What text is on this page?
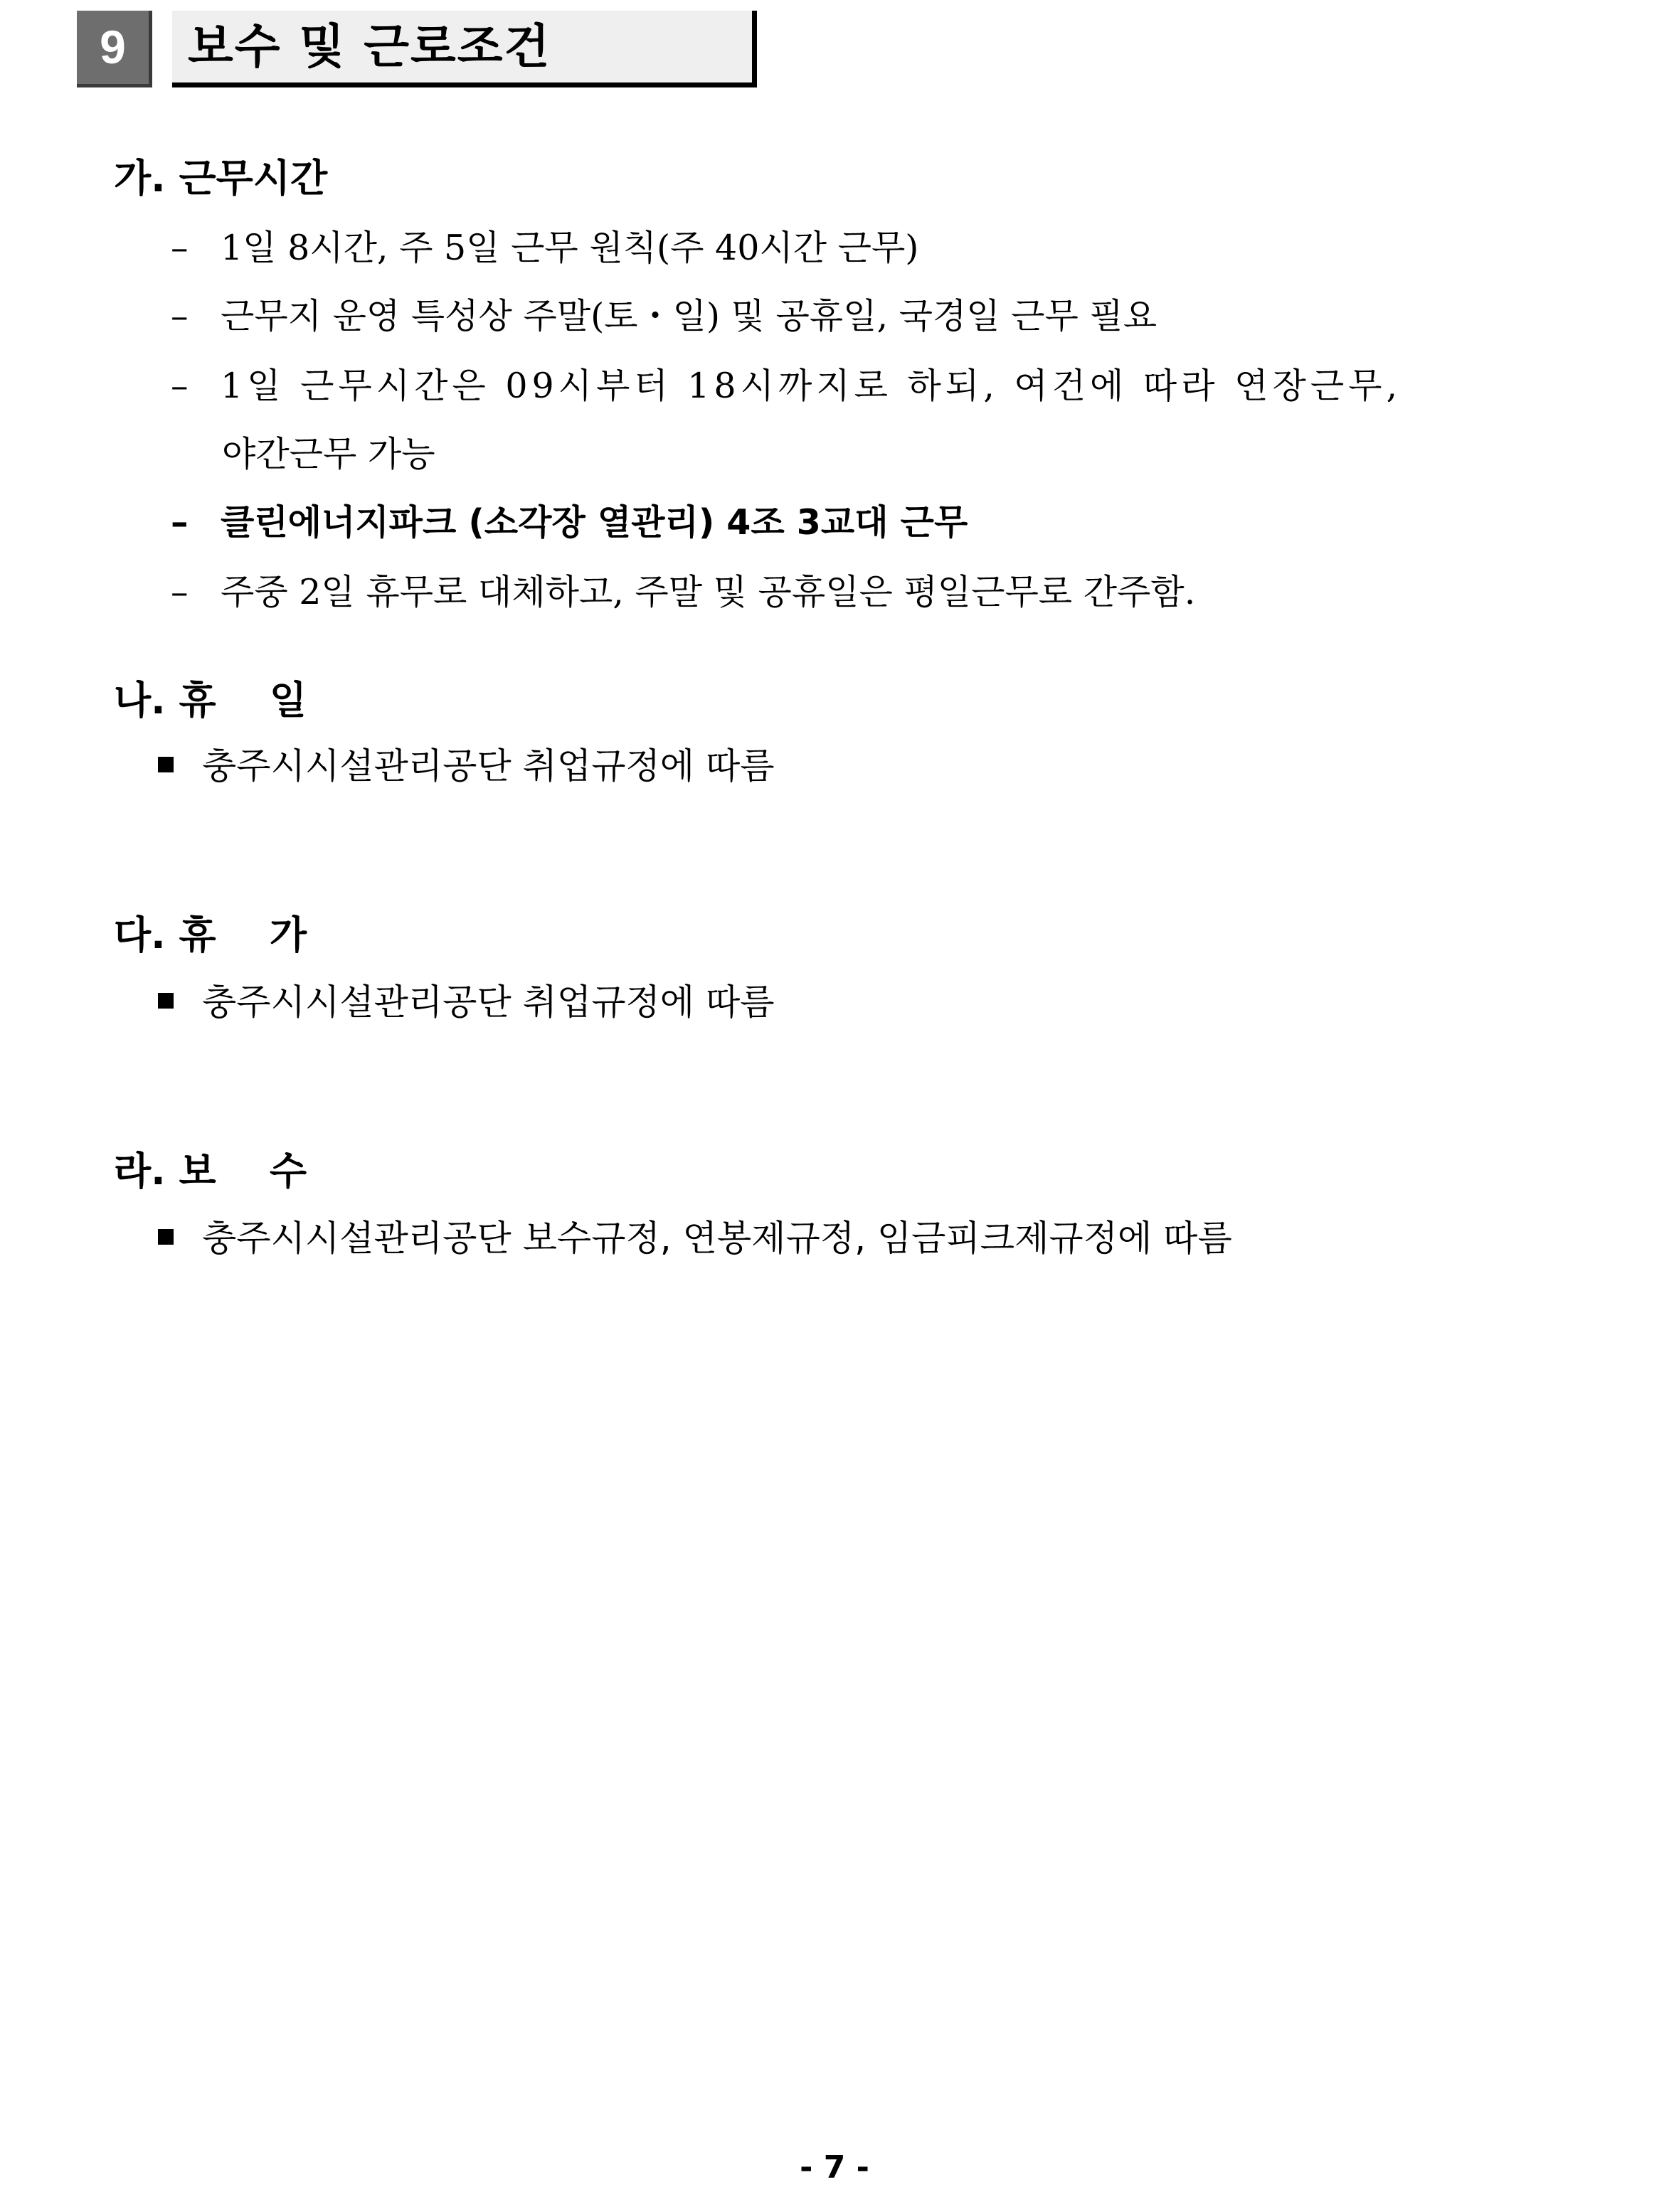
9	보수 및 근로조건
가. 근무시간
– 1일 8시간, 주 5일 근무 원칙(주 40시간 근무)
– 근무지 운영 특성상 주말(토・일) 및 공휴일, 국경일 근무 필요
– 1일 근무시간은 09시부터 18시까지로 하되, 여건에 따라 연장근무,
야간근무 가능
– 클린에너지파크 (소각장 열관리) 4조 3교대 근무
– 주중 2일 휴무로 대체하고, 주말 및 공휴일은 평일근무로 간주함.
나. 휴    일
충주시시설관리공단 취업규정에 따름
다. 휴    가
충주시시설관리공단 취업규정에 따름
라. 보    수
충주시시설관리공단 보수규정, 연봉제규정, 임금피크제규정에 따름
- 7 -
